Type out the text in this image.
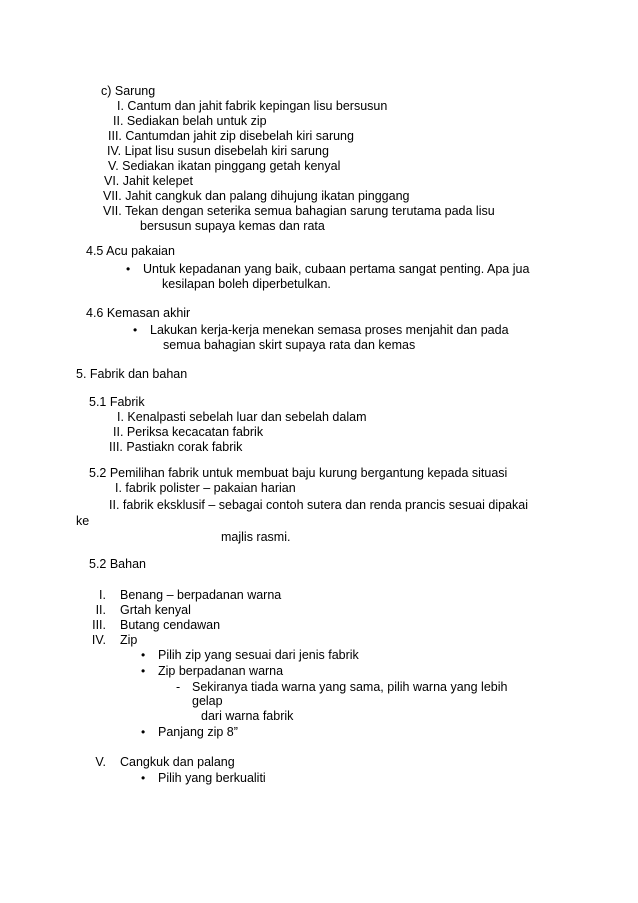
c) Sarung
I. Cantum dan jahit fabrik kepingan lisu bersusun
II. Sediakan belah untuk zip
III. Cantumdan jahit zip disebelah kiri sarung
IV. Lipat lisu susun disebelah kiri sarung
V. Sediakan ikatan pinggang getah kenyal
VI. Jahit kelepet
VII. Jahit cangkuk dan palang dihujung ikatan pinggang
VII. Tekan dengan seterika semua bahagian sarung terutama pada lisu
bersusun supaya kemas dan rata
4.5 Acu pakaian
• Untuk kepadanan yang baik, cubaan pertama sangat penting. Apa jua
kesilapan boleh diperbetulkan.
4.6 Kemasan akhir
• Lakukan kerja-kerja menekan semasa proses menjahit dan pada
semua bahagian skirt supaya rata dan kemas
5. Fabrik dan bahan
5.1 Fabrik
I. Kenalpasti sebelah luar dan sebelah dalam
II. Periksa kecacatan fabrik
III. Pastiakn corak fabrik
5.2 Pemilihan fabrik untuk membuat baju kurung bergantung kepada situasi
I. fabrik polister – pakaian harian
II. fabrik eksklusif – sebagai contoh sutera dan renda prancis sesuai dipakai
ke
majlis rasmi.
5.2 Bahan
I. Benang – berpadanan warna
II. Grtah kenyal
III. Butang cendawan
IV. Zip
• Pilih zip yang sesuai dari jenis fabrik
• Zip berpadanan warna
- Sekiranya tiada warna yang sama, pilih warna yang lebih
gelap
dari warna fabrik
• Panjang zip 8”
V. Cangkuk dan palang
• Pilih yang berkualiti
